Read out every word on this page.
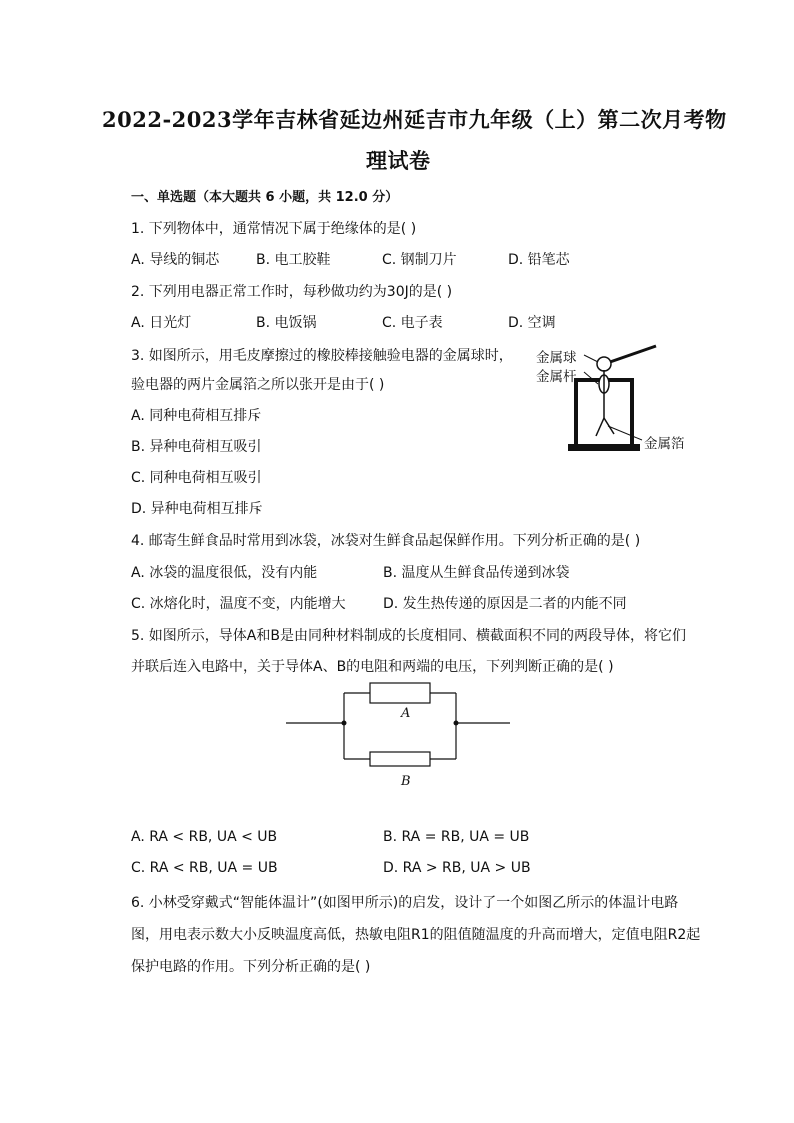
2022-2023学年吉林省延边州延吉市九年级（上）第二次月考物
理试卷
一、单选题（本大题共 6 小题，共 12.0 分）
1. 下列物体中，通常情况下属于绝缘体的是( )
A. 导线的铜芯	B. 电工胶鞋	C. 钢制刀片	D. 铅笔芯
2. 下列用电器正常工作时，每秒做功约为30J的是( )
A. 日光灯	B. 电饭锅	C. 电子表	D. 空调
3. 如图所示，用毛皮摩擦过的橡胶棒接触验电器的金属球时，
验电器的两片金属箔之所以张开是由于( )
A. 同种电荷相互排斥
B. 异种电荷相互吸引
C. 同种电荷相互吸引
D. 异种电荷相互排斥
金属球
金属杆
金属箔
4. 邮寄生鲜食品时常用到冰袋，冰袋对生鲜食品起保鲜作用。下列分析正确的是( )
A. 冰袋的温度很低，没有内能	B. 温度从生鲜食品传递到冰袋
C. 冰熔化时，温度不变，内能增大	D. 发生热传递的原因是二者的内能不同
5. 如图所示，导体A和B是由同种材料制成的长度相同、横截面积不同的两段导体，将它们
并联后连入电路中，关于导体A、B的电阻和两端的电压，下列判断正确的是( )
A
B
A. RA < RB, UA < UB	B. RA = RB, UA = UB
C. RA < RB, UA = UB	D. RA > RB, UA > UB
6. 小林受穿戴式“智能体温计”(如图甲所示)的启发，设计了一个如图乙所示的体温计电路
图，用电表示数大小反映温度高低，热敏电阻R1的阻值随温度的升高而增大，定值电阻R2起
保护电路的作用。下列分析正确的是( )
